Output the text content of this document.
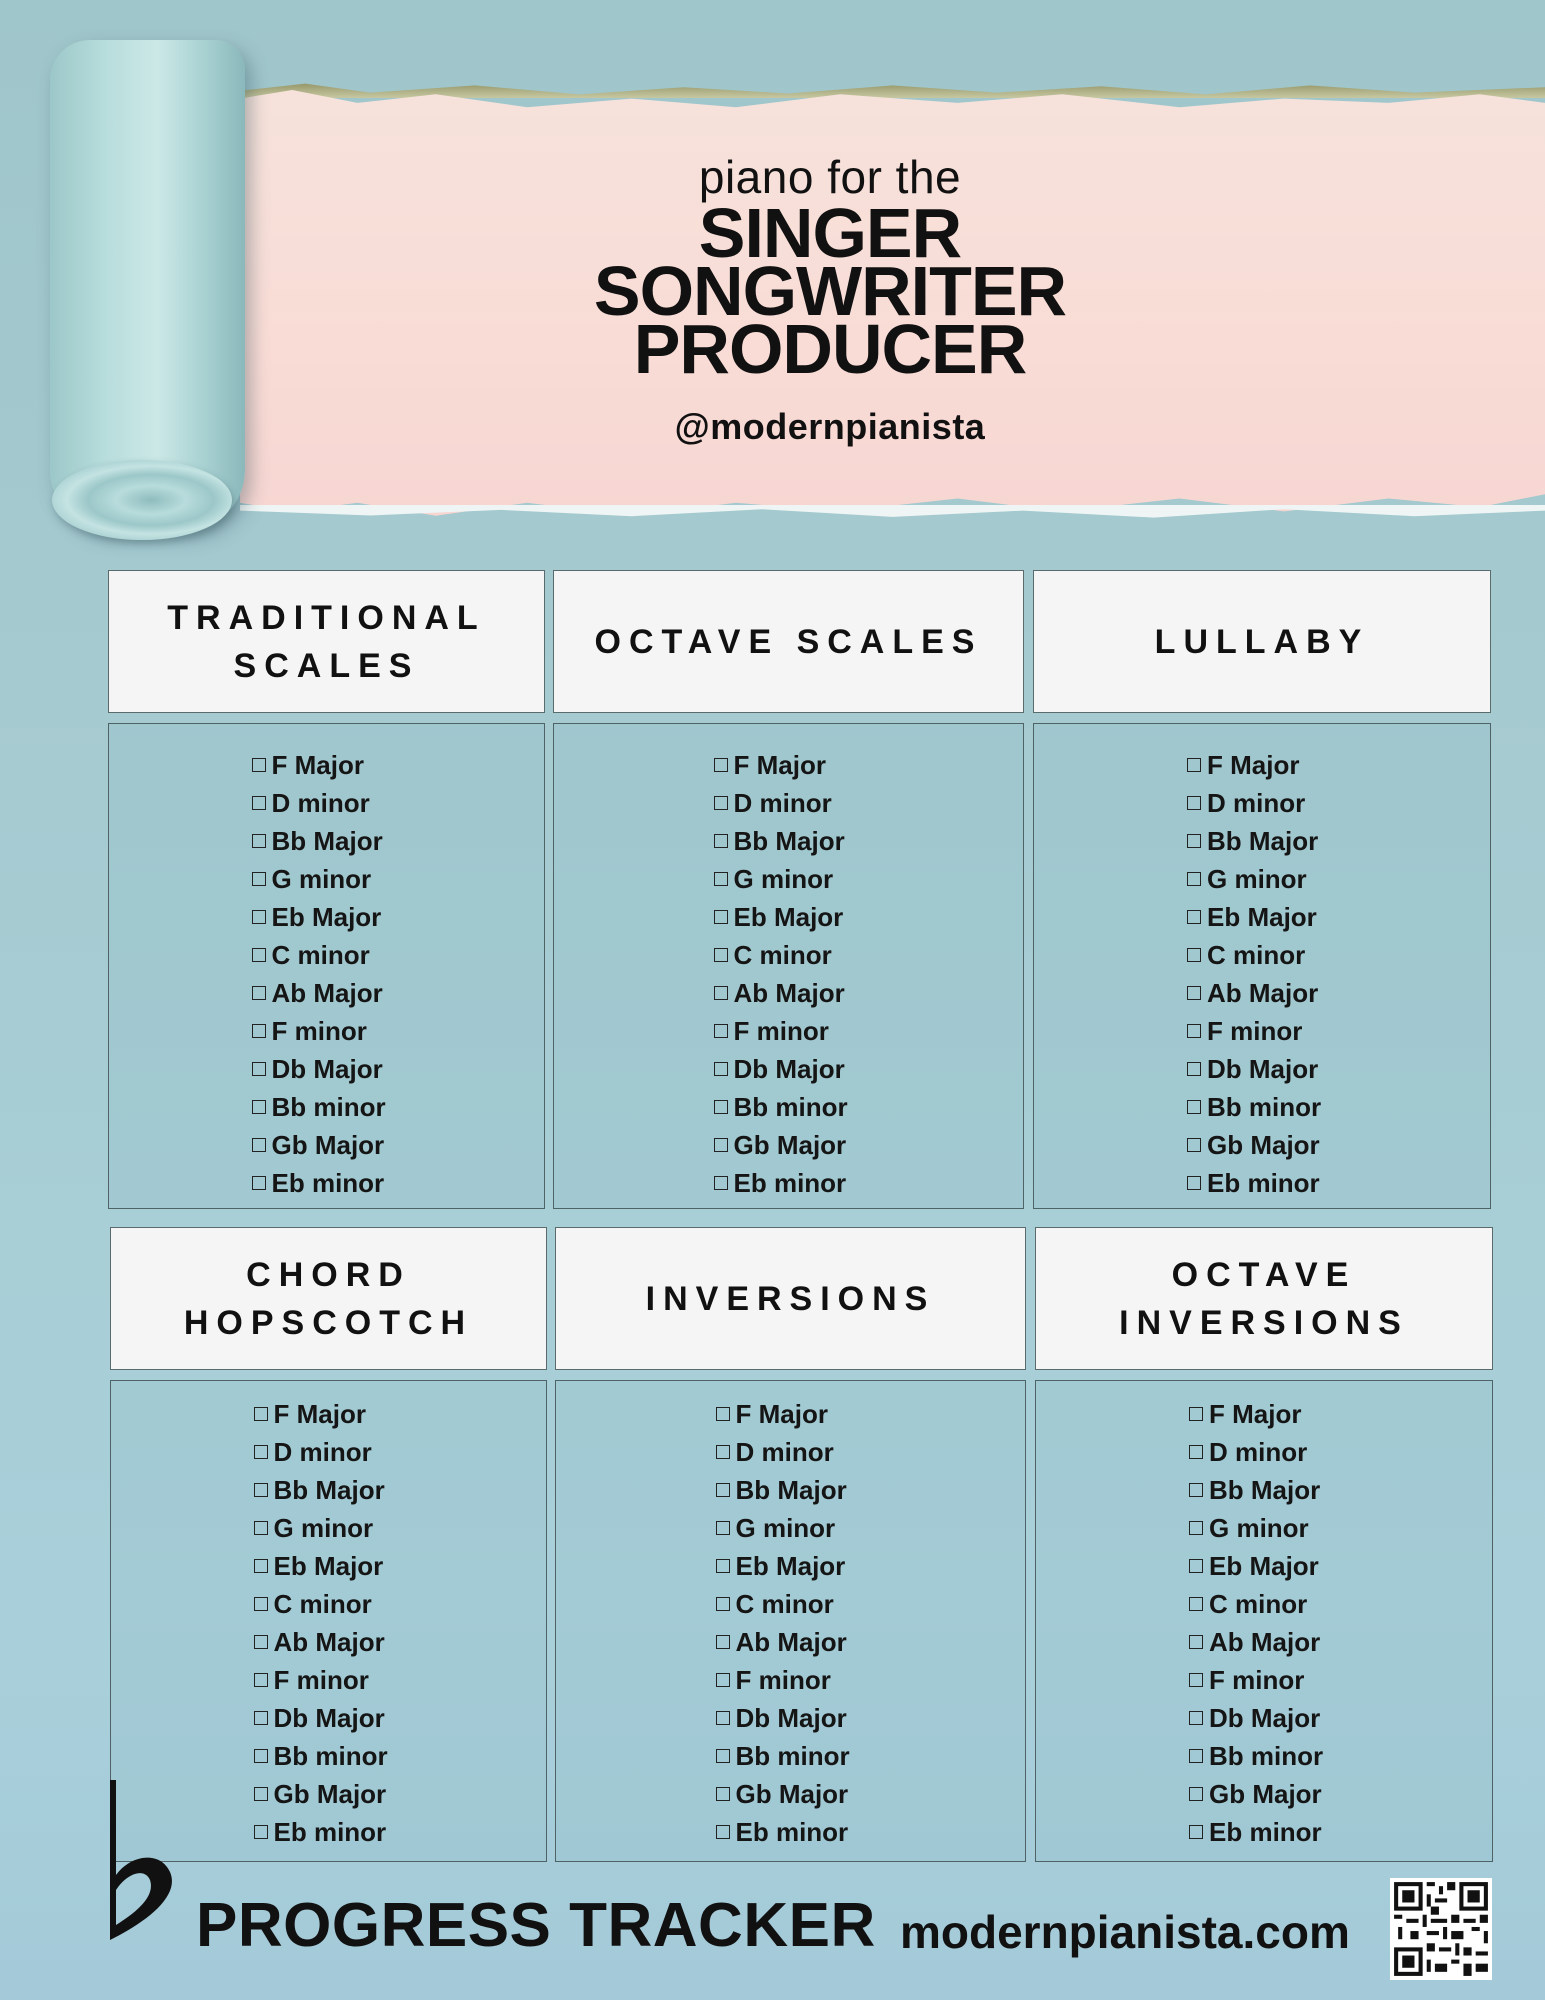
piano for the
SINGER
SONGWRITER
PRODUCER
@modernpianista
TRADITIONAL SCALES
OCTAVE SCALES	LULLABY
F Major
D minor
Bb Major
G minor
Eb Major
C minor
Ab Major
F minor
Db Major
Bb minor
Gb Major
Eb minor
F Major
D minor
Bb Major
G minor
Eb Major
C minor
Ab Major
F minor
Db Major
Bb minor
Gb Major
Eb minor
F Major
D minor
Bb Major
G minor
Eb Major
C minor
Ab Major
F minor
Db Major
Bb minor
Gb Major
Eb minor
CHORD HOPSCOTCH
INVERSIONS
OCTAVE INVERSIONS
F Major
D minor
Bb Major
G minor
Eb Major
C minor
Ab Major
F minor
Db Major
Bb minor
Gb Major
Eb minor
F Major
D minor
Bb Major
G minor
Eb Major
C minor
Ab Major
F minor
Db Major
Bb minor
Gb Major
Eb minor
F Major
D minor
Bb Major
G minor
Eb Major
C minor
Ab Major
F minor
Db Major
Bb minor
Gb Major
Eb minor
PROGRESS TRACKER modernpianista.com
